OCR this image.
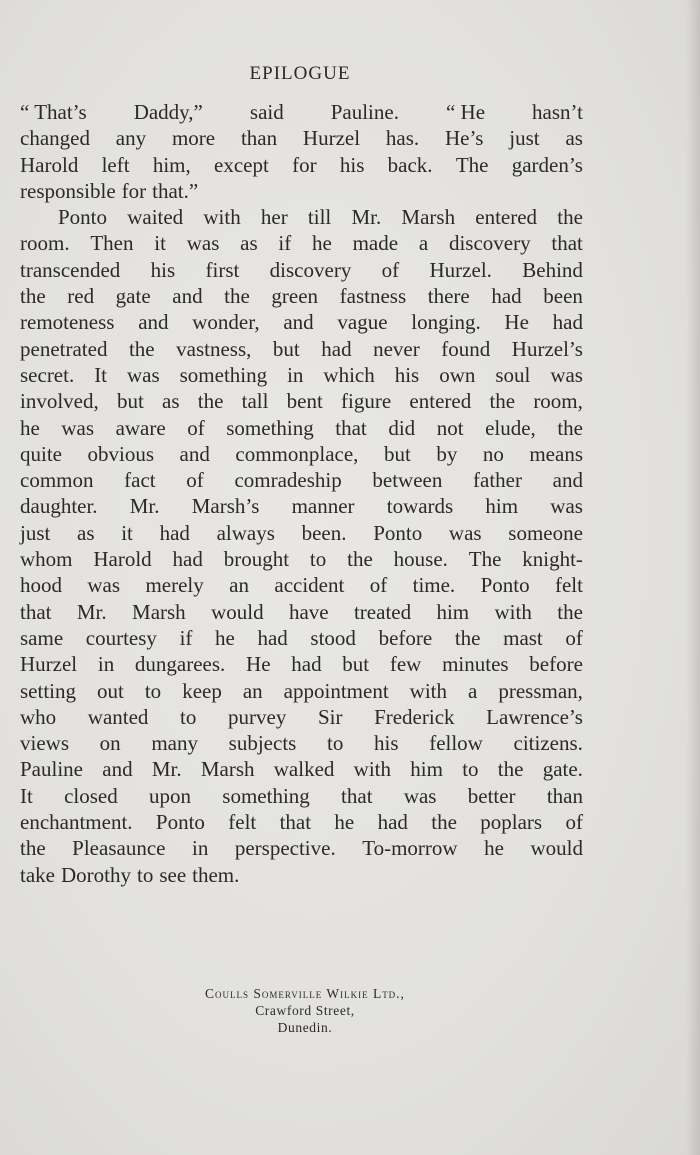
EPILOGUE
“ That’s Daddy,” said Pauline. “ He hasn’t
changed any more than Hurzel has. He’s just as
Harold left him, except for his back. The garden’s
responsible for that.”
Ponto waited with her till Mr. Marsh entered the
room. Then it was as if he made a discovery that
transcended his first discovery of Hurzel. Behind
the red gate and the green fastness there had been
remoteness and wonder, and vague longing. He had
penetrated the vastness, but had never found Hurzel’s
secret. It was something in which his own soul was
involved, but as the tall bent figure entered the room,
he was aware of something that did not elude, the
quite obvious and commonplace, but by no means
common fact of comradeship between father and
daughter. Mr. Marsh’s manner towards him was
just as it had always been. Ponto was someone
whom Harold had brought to the house. The knight-
hood was merely an accident of time. Ponto felt
that Mr. Marsh would have treated him with the
same courtesy if he had stood before the mast of
Hurzel in dungarees. He had but few minutes before
setting out to keep an appointment with a pressman,
who wanted to purvey Sir Frederick Lawrence’s
views on many subjects to his fellow citizens.
Pauline and Mr. Marsh walked with him to the gate.
It closed upon something that was better than
enchantment. Ponto felt that he had the poplars of
the Pleasaunce in perspective. To-morrow he would
take Dorothy to see them.
Coulls Somerville Wilkie Ltd.,
Crawford Street,
Dunedin.
